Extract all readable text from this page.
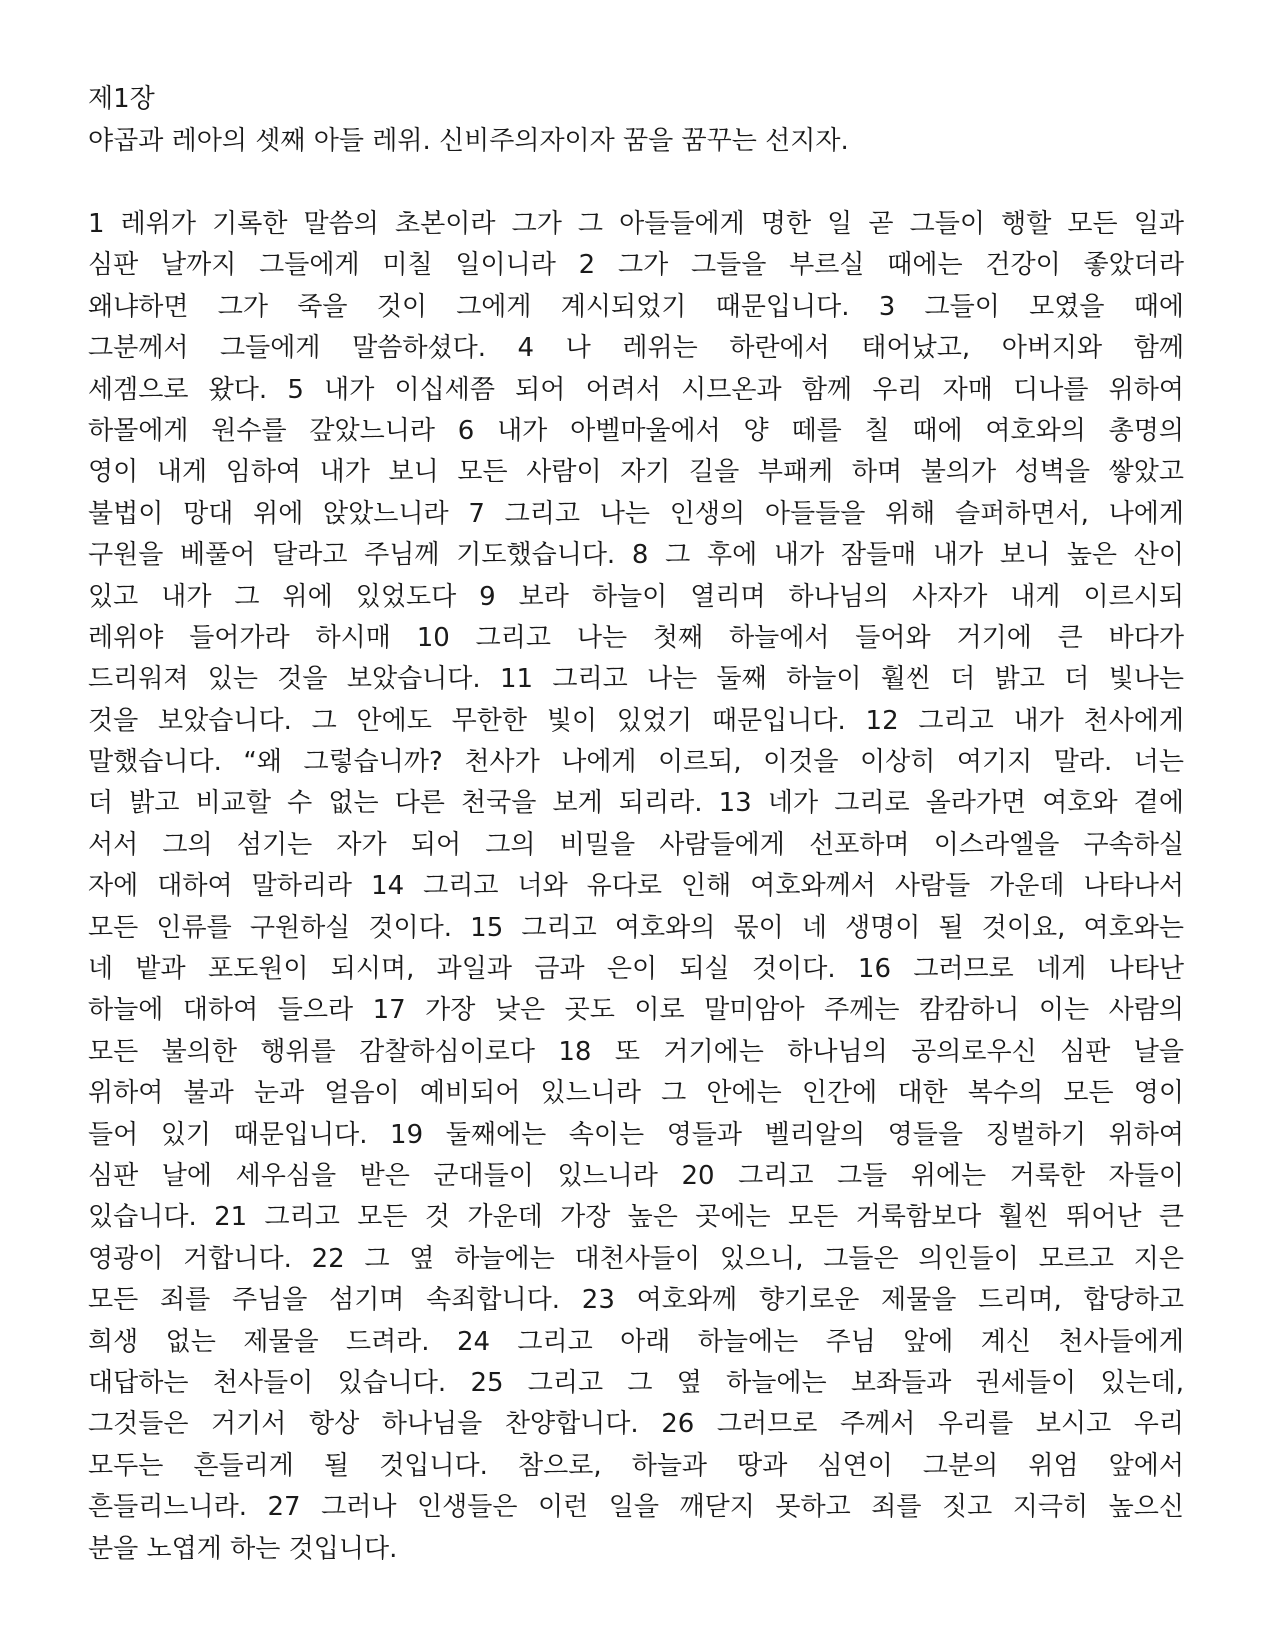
제1장
야곱과 레아의 셋째 아들 레위. 신비주의자이자 꿈을 꿈꾸는 선지자.
1 레위가 기록한 말씀의 초본이라 그가 그 아들들에게 명한 일 곧 그들이 행할 모든 일과
심판 날까지 그들에게 미칠 일이니라 2 그가 그들을 부르실 때에는 건강이 좋았더라
왜냐하면 그가 죽을 것이 그에게 계시되었기 때문입니다. 3 그들이 모였을 때에
그분께서 그들에게 말씀하셨다. 4 나 레위는 하란에서 태어났고, 아버지와 함께
세겜으로 왔다. 5 내가 이십세쯤 되어 어려서 시므온과 함께 우리 자매 디나를 위하여
하몰에게 원수를 갚았느니라 6 내가 아벨마울에서 양 떼를 칠 때에 여호와의 총명의
영이 내게 임하여 내가 보니 모든 사람이 자기 길을 부패케 하며 불의가 성벽을 쌓았고
불법이 망대 위에 앉았느니라 7 그리고 나는 인생의 아들들을 위해 슬퍼하면서, 나에게
구원을 베풀어 달라고 주님께 기도했습니다. 8 그 후에 내가 잠들매 내가 보니 높은 산이
있고 내가 그 위에 있었도다 9 보라 하늘이 열리며 하나님의 사자가 내게 이르시되
레위야 들어가라 하시매 10 그리고 나는 첫째 하늘에서 들어와 거기에 큰 바다가
드리워져 있는 것을 보았습니다. 11 그리고 나는 둘째 하늘이 훨씬 더 밝고 더 빛나는
것을 보았습니다. 그 안에도 무한한 빛이 있었기 때문입니다. 12 그리고 내가 천사에게
말했습니다. “왜 그렇습니까? 천사가 나에게 이르되, 이것을 이상히 여기지 말라. 너는
더 밝고 비교할 수 없는 다른 천국을 보게 되리라. 13 네가 그리로 올라가면 여호와 곁에
서서 그의 섬기는 자가 되어 그의 비밀을 사람들에게 선포하며 이스라엘을 구속하실
자에 대하여 말하리라 14 그리고 너와 유다로 인해 여호와께서 사람들 가운데 나타나서
모든 인류를 구원하실 것이다. 15 그리고 여호와의 몫이 네 생명이 될 것이요, 여호와는
네 밭과 포도원이 되시며, 과일과 금과 은이 되실 것이다. 16 그러므로 네게 나타난
하늘에 대하여 들으라 17 가장 낮은 곳도 이로 말미암아 주께는 캄캄하니 이는 사람의
모든 불의한 행위를 감찰하심이로다 18 또 거기에는 하나님의 공의로우신 심판 날을
위하여 불과 눈과 얼음이 예비되어 있느니라 그 안에는 인간에 대한 복수의 모든 영이
들어 있기 때문입니다. 19 둘째에는 속이는 영들과 벨리알의 영들을 징벌하기 위하여
심판 날에 세우심을 받은 군대들이 있느니라 20 그리고 그들 위에는 거룩한 자들이
있습니다. 21 그리고 모든 것 가운데 가장 높은 곳에는 모든 거룩함보다 훨씬 뛰어난 큰
영광이 거합니다. 22 그 옆 하늘에는 대천사들이 있으니, 그들은 의인들이 모르고 지은
모든 죄를 주님을 섬기며 속죄합니다. 23 여호와께 향기로운 제물을 드리며, 합당하고
희생 없는 제물을 드려라. 24 그리고 아래 하늘에는 주님 앞에 계신 천사들에게
대답하는 천사들이 있습니다. 25 그리고 그 옆 하늘에는 보좌들과 권세들이 있는데,
그것들은 거기서 항상 하나님을 찬양합니다. 26 그러므로 주께서 우리를 보시고 우리
모두는 흔들리게 될 것입니다. 참으로, 하늘과 땅과 심연이 그분의 위엄 앞에서
흔들리느니라. 27 그러나 인생들은 이런 일을 깨닫지 못하고 죄를 짓고 지극히 높으신
분을 노엽게 하는 것입니다.
